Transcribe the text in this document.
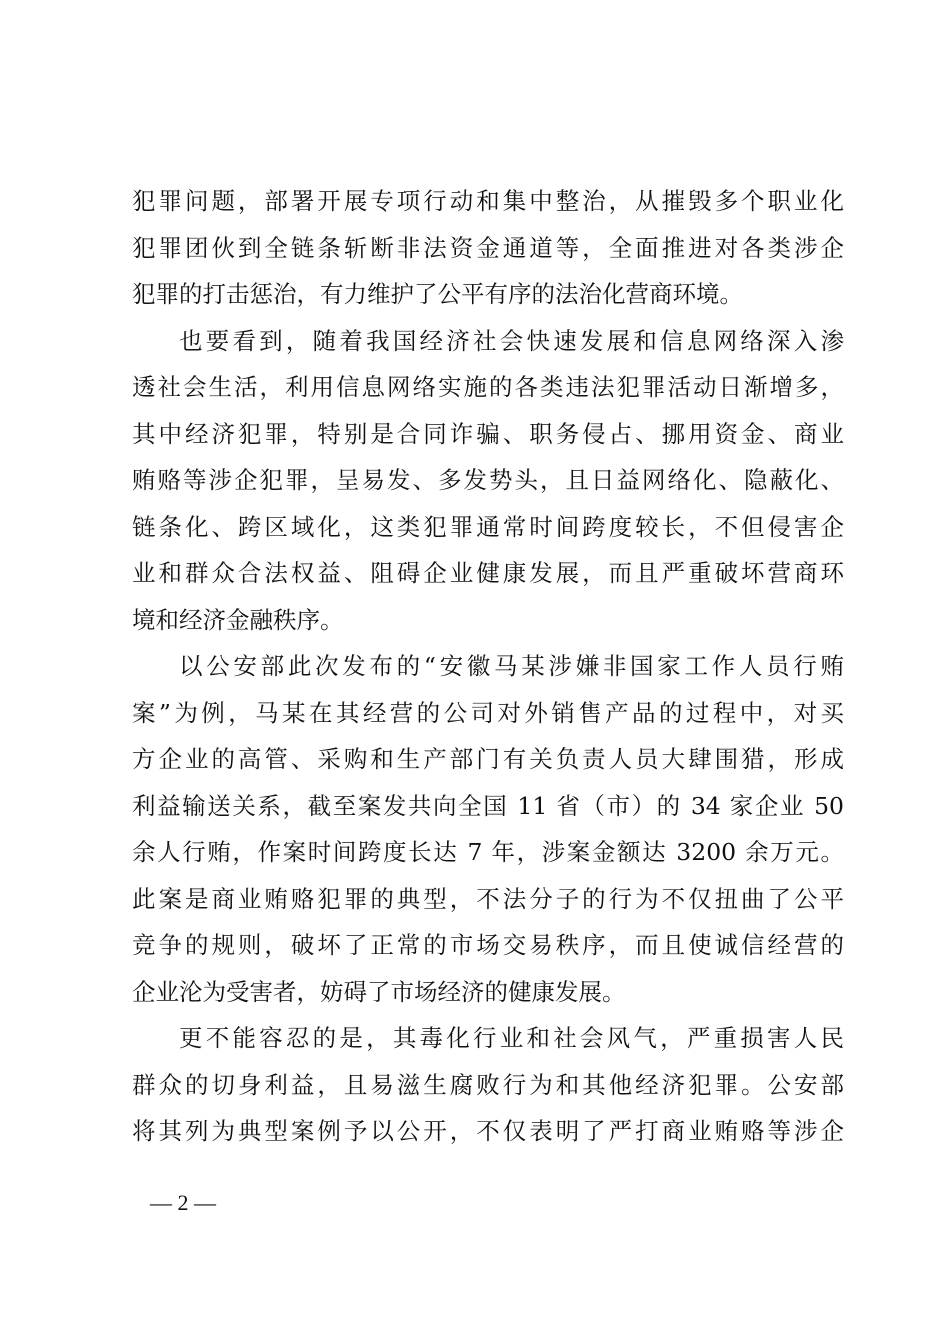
犯罪问题，部署开展专项行动和集中整治，从摧毁多个职业化
犯罪团伙到全链条斩断非法资金通道等，全面推进对各类涉企
犯罪的打击惩治，有力维护了公平有序的法治化营商环境。
也要看到，随着我国经济社会快速发展和信息网络深入渗
透社会生活，利用信息网络实施的各类违法犯罪活动日渐增多，
其中经济犯罪，特别是合同诈骗、职务侵占、挪用资金、商业
贿赂等涉企犯罪，呈易发、多发势头，且日益网络化、隐蔽化、
链条化、跨区域化，这类犯罪通常时间跨度较长，不但侵害企
业和群众合法权益、阻碍企业健康发展，而且严重破坏营商环
境和经济金融秩序。
以公安部此次发布的“安徽马某涉嫌非国家工作人员行贿
案”为例，马某在其经营的公司对外销售产品的过程中，对买
方企业的高管、采购和生产部门有关负责人员大肆围猎，形成
利益输送关系，截至案发共向全国 11 省（市）的 34 家企业 50
余人行贿，作案时间跨度长达 7 年，涉案金额达 3200 余万元。
此案是商业贿赂犯罪的典型，不法分子的行为不仅扭曲了公平
竞争的规则，破坏了正常的市场交易秩序，而且使诚信经营的
企业沦为受害者，妨碍了市场经济的健康发展。
更不能容忍的是，其毒化行业和社会风气，严重损害人民
群众的切身利益，且易滋生腐败行为和其他经济犯罪。公安部
将其列为典型案例予以公开，不仅表明了严打商业贿赂等涉企
— 2 —
